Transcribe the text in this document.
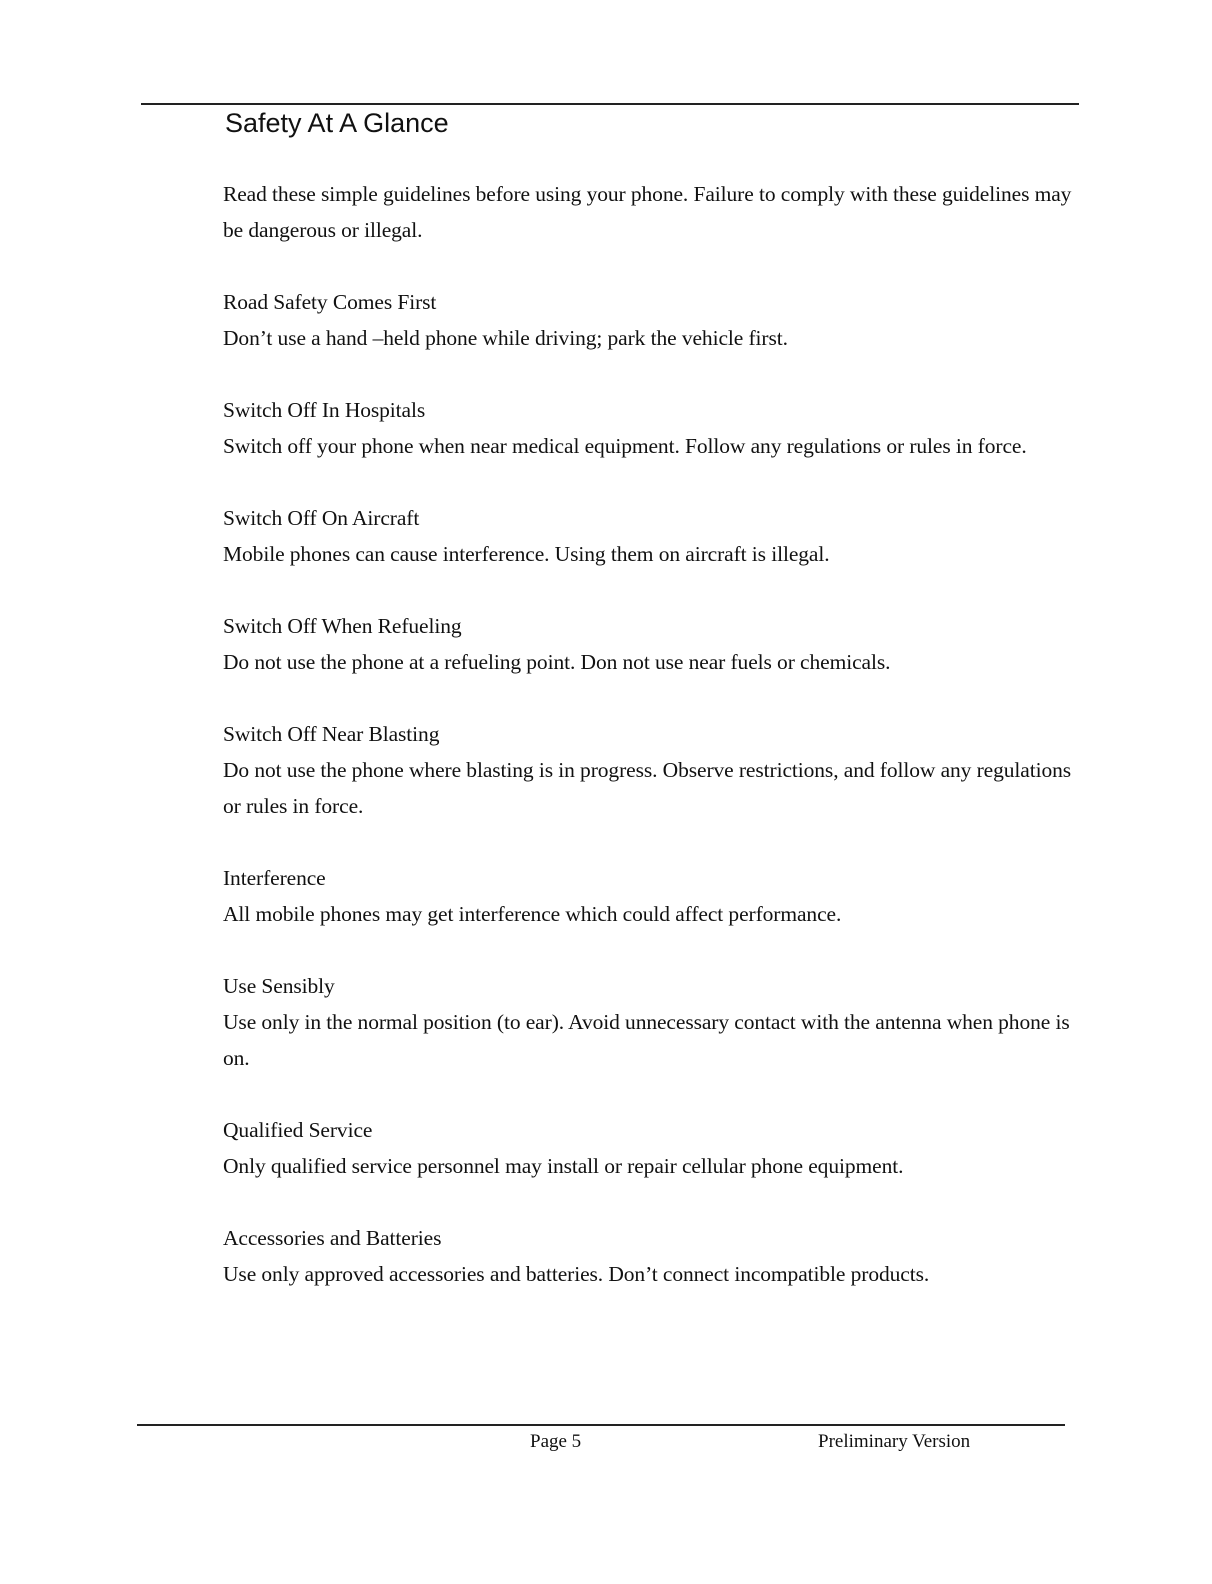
Safety At A Glance

Read these simple guidelines before using your phone. Failure to comply with these guidelines may be dangerous or illegal.

Road Safety Comes First

Don’t use a hand –held phone while driving; park the vehicle first.

Switch Off In Hospitals

Switch off your phone when near medical equipment. Follow any regulations or rules in force.

Switch Off On Aircraft

Mobile phones can cause interference. Using them on aircraft is illegal.

Switch Off When Refueling

Do not use the phone at a refueling point. Don not use near fuels or chemicals.

Switch Off Near Blasting

Do not use the phone where blasting is in progress. Observe restrictions, and follow any regulations or rules in force.

Interference

All mobile phones may get interference which could affect performance.

Use Sensibly

Use only in the normal position (to ear). Avoid unnecessary contact with the antenna when phone is on.

Qualified Service

Only qualified service personnel may install or repair cellular phone equipment.

Accessories and Batteries

Use only approved accessories and batteries. Don’t connect incompatible products.

Page 5	Preliminary Version
